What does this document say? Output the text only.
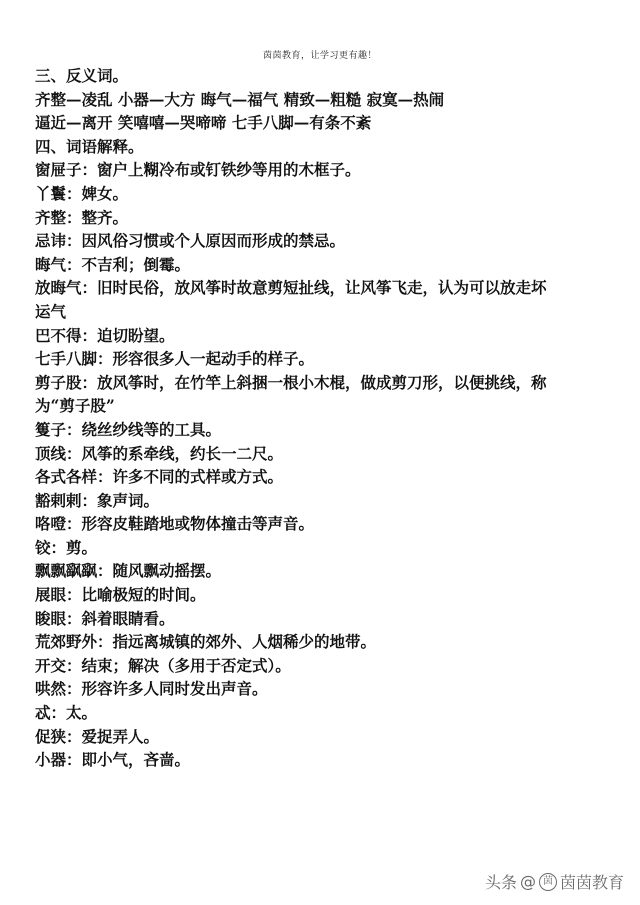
茵茵教育，让学习更有趣！
三、反义词。
齐整—凌乱 小器—大方 晦气—福气 精致—粗糙 寂寞—热闹
逼近—离开 笑嘻嘻—哭啼啼 七手八脚—有条不紊
四、词语解释。
窗屉子：窗户上糊冷布或钉铁纱等用的木框子。
丫鬟：婢女。
齐整：整齐。
忌讳：因风俗习惯或个人原因而形成的禁忌。
晦气：不吉利；倒霉。
放晦气：旧时民俗，放风筝时故意剪短扯线，让风筝飞走，认为可以放走坏
运气
巴不得：迫切盼望。
七手八脚：形容很多人一起动手的样子。
剪子股：放风筝时，在竹竿上斜捆一根小木棍，做成剪刀形，以便挑线，称
为“剪子股”
篗子：绕丝纱线等的工具。
顶线：风筝的系牵线，约长一二尺。
各式各样：许多不同的式样或方式。
豁剌剌：象声词。
咯噔：形容皮鞋踏地或物体撞击等声音。
铰：剪。
飘飘飖飖：随风飘动摇摆。
展眼：比喻极短的时间。
睃眼：斜着眼睛看。
荒郊野外：指远离城镇的郊外、人烟稀少的地带。
开交：结束；解决（多用于否定式）。
哄然：形容许多人同时发出声音。
忒：太。
促狭：爱捉弄人。
小器：即小气，吝啬。
头条 @ 茵 茵茵教育
